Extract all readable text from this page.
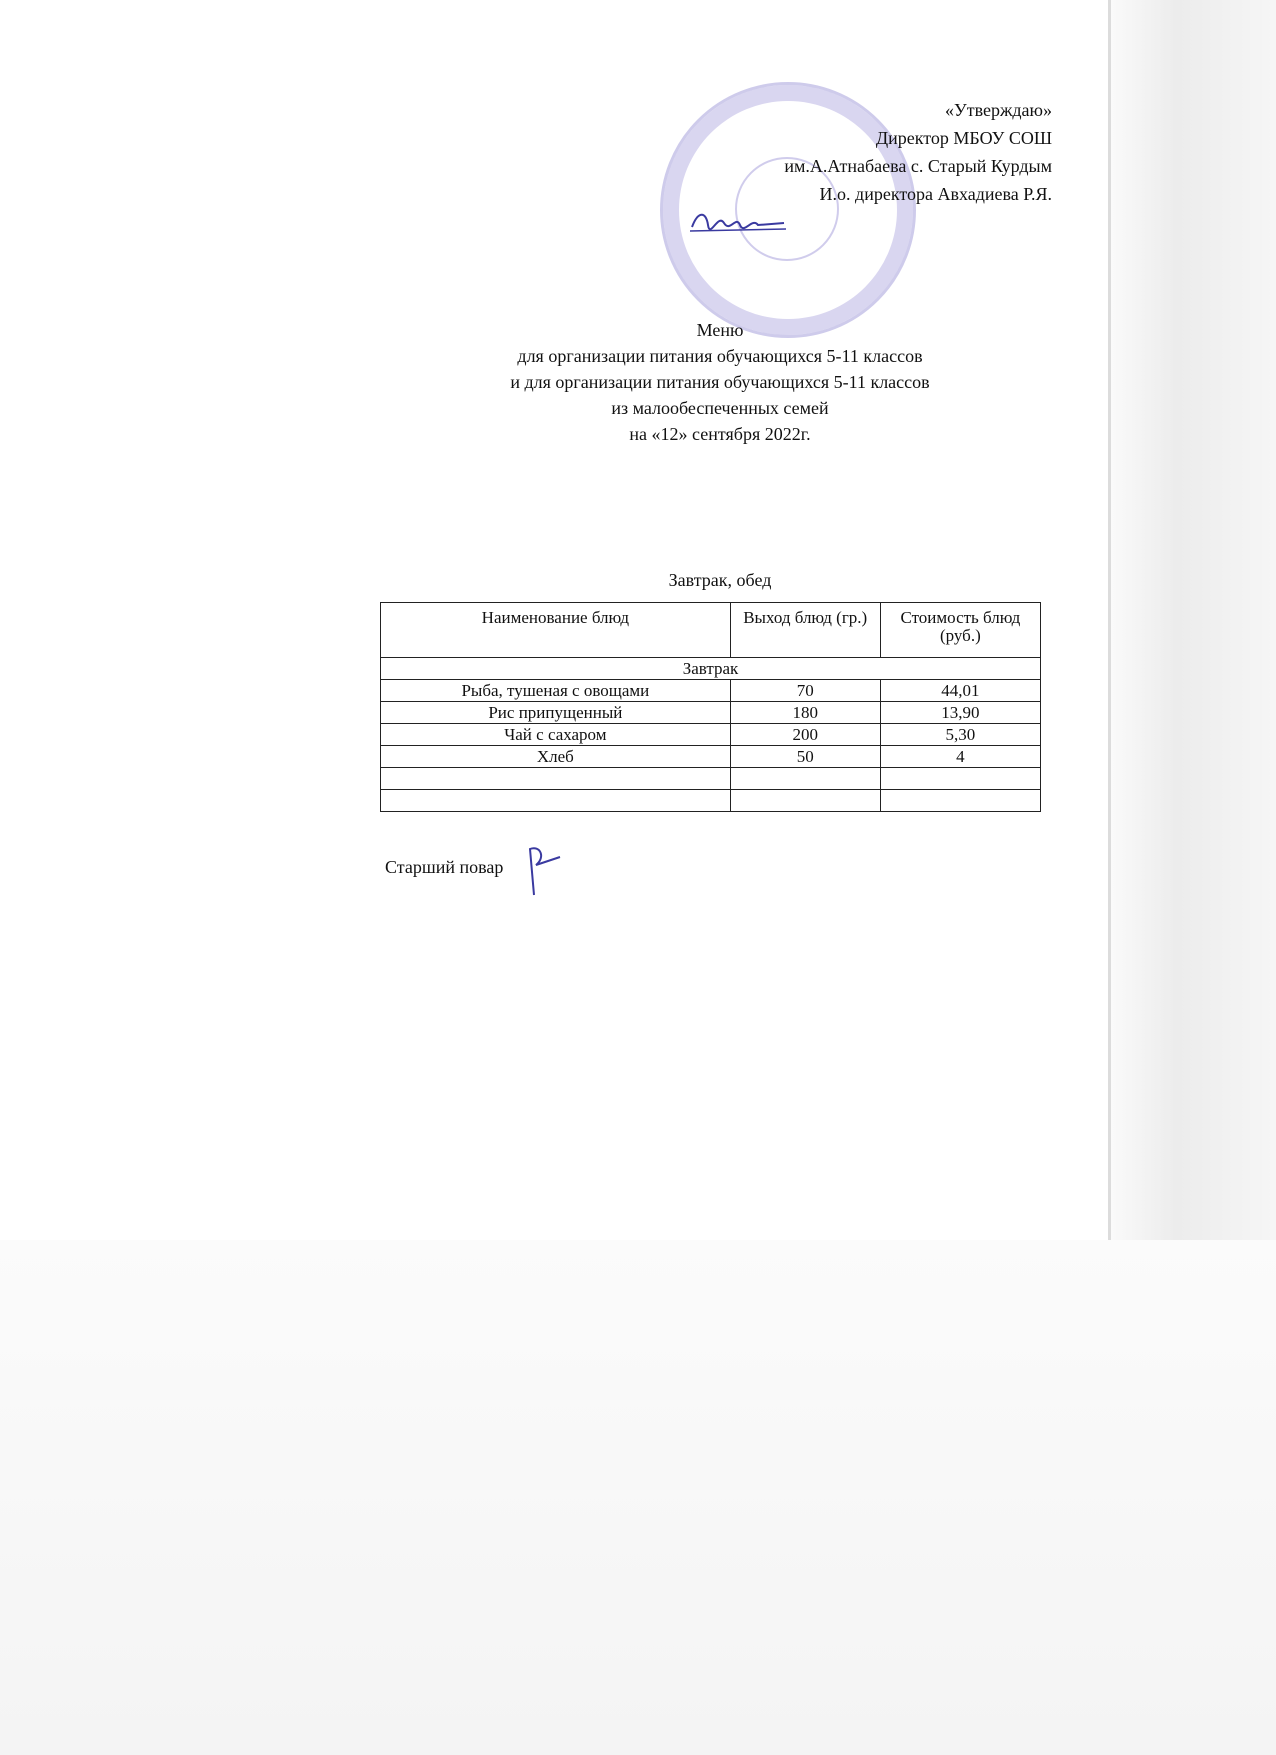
«Утверждаю»
Директор МБОУ СОШ
им.А.Атнабаева с. Старый Курдым
И.о. директора Авхадиева Р.Я.
Меню
для организации питания обучающихся 5-11 классов
и для организации питания обучающихся 5-11 классов
из малообеспеченных семей
на «12» сентября 2022г.
Завтрак, обед
Наименование блюд	Выход блюд (гр.)	Стоимость блюд (руб.)
Завтрак		
Рыба, тушеная с овощами	70	44,01
Рис припущенный	180	13,90
Чай с сахаром	200	5,30
Хлеб	50	4

Старший повар
